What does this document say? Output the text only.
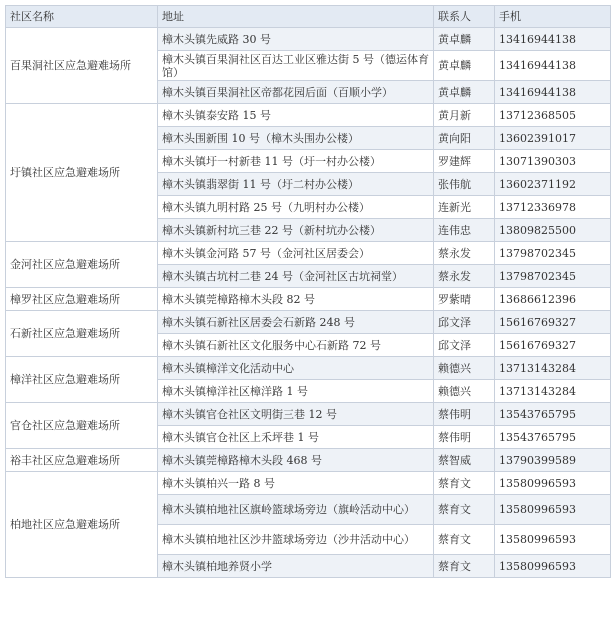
社区名称	地址	联系人	手机
百果洞社区应急避难场所	樟木头镇先威路 30 号	黄卓麟	13416944138
	樟木头镇百果洞社区百达工业区雅达街 5 号（德运体育馆）	黄卓麟	13416944138
	樟木头镇百果洞社区帝都花园后面（百顺小学）	黄卓麟	13416944138
圩镇社区应急避难场所	樟木头镇泰安路 15 号	黄月新	13712368505
	樟木头围新围 10 号（樟木头围办公楼）	黄向阳	13602391017
	樟木头镇圩一村新巷 11 号（圩一村办公楼）	罗建辉	13071390303
	樟木头镇翡翠街 11 号（圩二村办公楼）	张伟航	13602371192
	樟木头镇九明村路 25 号（九明村办公楼）	连新光	13712336978
	樟木头镇新村坑三巷 22 号（新村坑办公楼）	连伟忠	13809825500
金河社区应急避难场所	樟木头镇金河路 57 号（金河社区居委会）	蔡永发	13798702345
	樟木头镇古坑村二巷 24 号（金河社区古坑祠堂）	蔡永发	13798702345
樟罗社区应急避难场所	樟木头镇莞樟路樟木头段 82 号	罗紫晴	13686612396
石新社区应急避难场所	樟木头镇石新社区居委会石新路 248 号	邱文泽	15616769327
	樟木头镇石新社区文化服务中心石新路 72 号	邱文泽	15616769327
樟洋社区应急避难场所	樟木头镇樟洋文化活动中心	赖德兴	13713143284
	樟木头镇樟洋社区樟洋路 1 号	赖德兴	13713143284
官仓社区应急避难场所	樟木头镇官仓社区文明街三巷 12 号	蔡伟明	13543765795
	樟木头镇官仓社区上禾坪巷 1 号	蔡伟明	13543765795
裕丰社区应急避难场所	樟木头镇莞樟路樟木头段 468 号	蔡智威	13790399589
柏地社区应急避难场所	樟木头镇柏兴一路 8 号	蔡育文	13580996593
	樟木头镇柏地社区旗岭篮球场旁边（旗岭活动中心）	蔡育文	13580996593
	樟木头镇柏地社区沙井篮球场旁边（沙井活动中心）	蔡育文	13580996593
	樟木头镇柏地养贤小学	蔡育文	13580996593
